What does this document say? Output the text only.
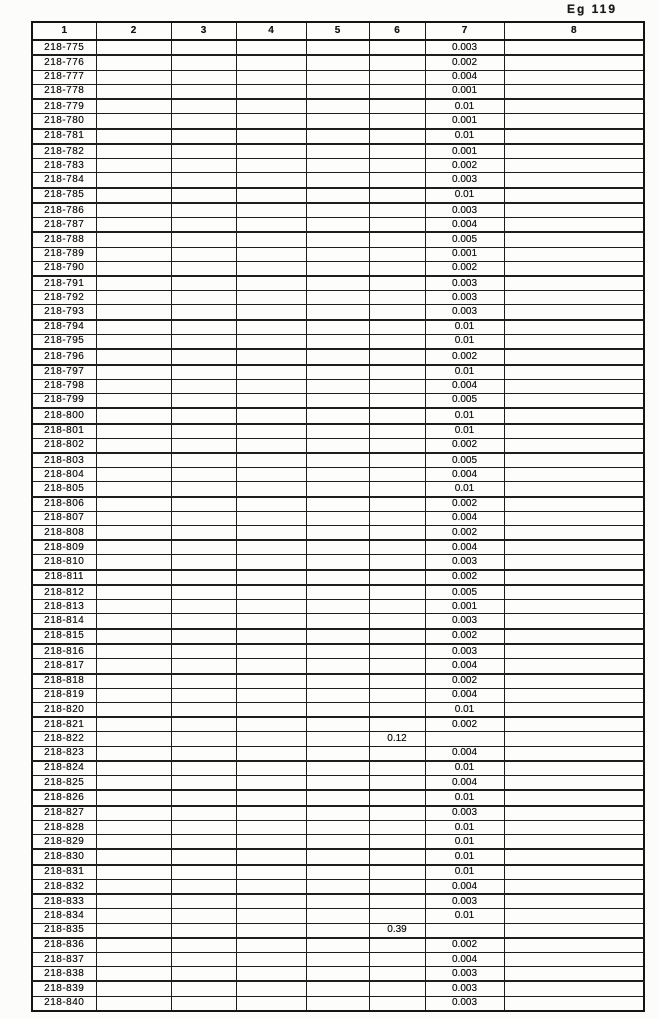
Eg 119
1	2	3	4	5	6	7	8
218-775						0.003	
218-776						0.002	
218-777						0.004	
218-778						0.001	
218-779						0.01	
218-780						0.001	
218-781						0.01	
218-782						0.001	
218-783						0.002	
218-784						0.003	
218-785						0.01	
218-786						0.003	
218-787						0.004	
218-788						0.005	
218-789						0.001	
218-790						0.002	
218-791						0.003	
218-792						0.003	
218-793						0.003	
218-794						0.01	
218-795						0.01	
218-796						0.002	
218-797						0.01	
218-798						0.004	
218-799						0.005	
218-800						0.01	
218-801						0.01	
218-802						0.002	
218-803						0.005	
218-804						0.004	
218-805						0.01	
218-806						0.002	
218-807						0.004	
218-808						0.002	
218-809						0.004	
218-810						0.003	
218-811						0.002	
218-812						0.005	
218-813						0.001	
218-814						0.003	
218-815						0.002	
218-816						0.003	
218-817						0.004	
218-818						0.002	
218-819						0.004	
218-820						0.01	
218-821						0.002	
218-822					0.12		
218-823						0.004	
218-824						0.01	
218-825						0.004	
218-826						0.01	
218-827						0.003	
218-828						0.01	
218-829						0.01	
218-830						0.01	
218-831						0.01	
218-832						0.004	
218-833						0.003	
218-834						0.01	
218-835					0.39		
218-836						0.002	
218-837						0.004	
218-838						0.003	
218-839						0.003	
218-840						0.003	
